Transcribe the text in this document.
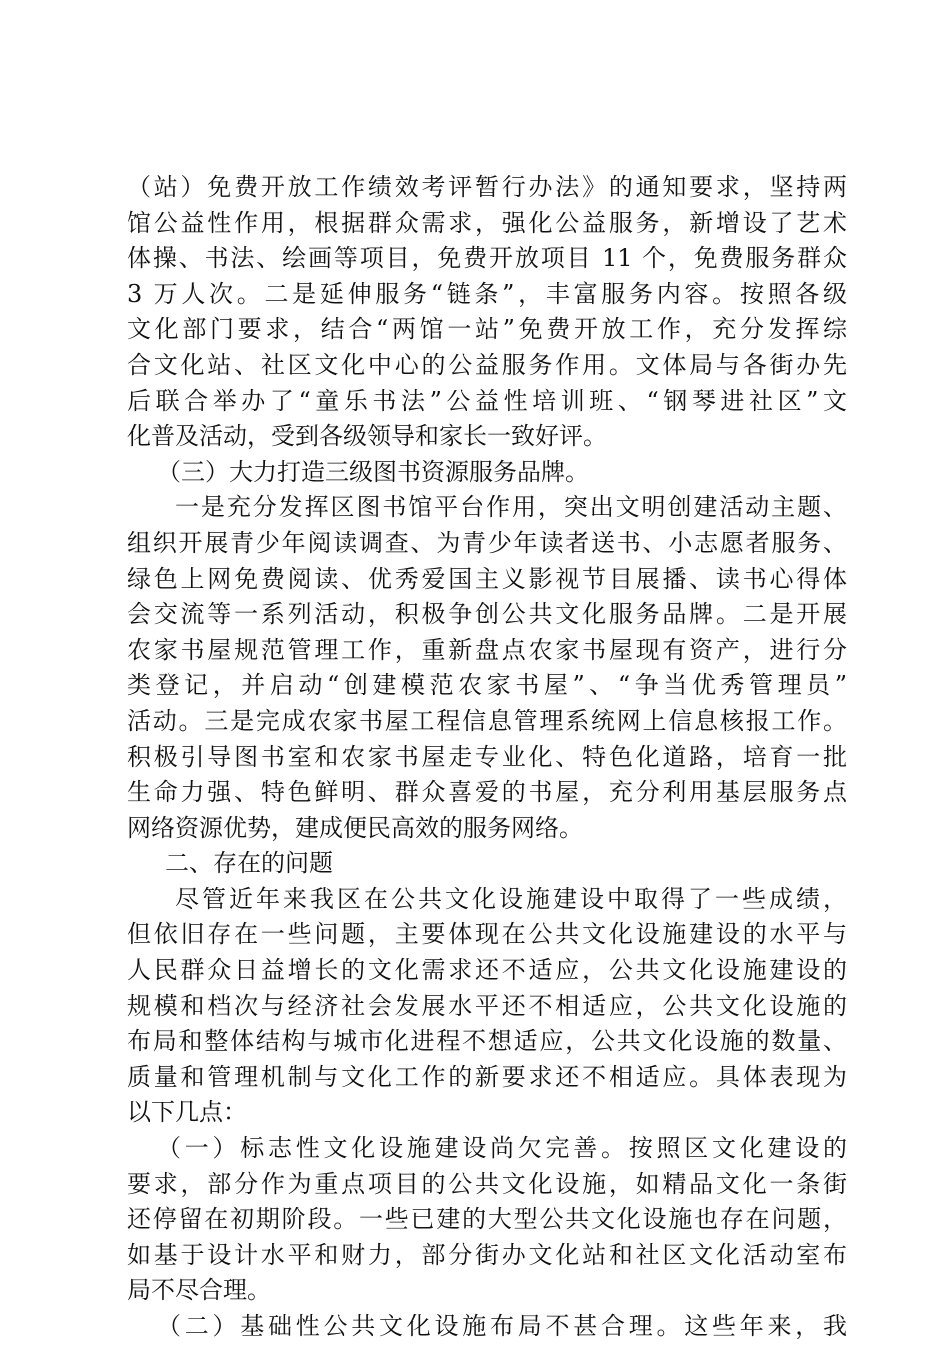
（站）免费开放工作绩效考评暂行办法》的通知要求，坚持两
馆公益性作用，根据群众需求，强化公益服务，新增设了艺术
体操、书法、绘画等项目，免费开放项目 11 个，免费服务群众
3 万人次。二是延伸服务“链条”，丰富服务内容。按照各级
文化部门要求，结合“两馆一站”免费开放工作，充分发挥综
合文化站、社区文化中心的公益服务作用。文体局与各街办先
后联合举办了“童乐书法”公益性培训班、“钢琴进社区”文
化普及活动，受到各级领导和家长一致好评。
（三）大力打造三级图书资源服务品牌。
一是充分发挥区图书馆平台作用，突出文明创建活动主题、
组织开展青少年阅读调查、为青少年读者送书、小志愿者服务、
绿色上网免费阅读、优秀爱国主义影视节目展播、读书心得体
会交流等一系列活动，积极争创公共文化服务品牌。二是开展
农家书屋规范管理工作，重新盘点农家书屋现有资产，进行分
类登记，并启动“创建模范农家书屋”、“争当优秀管理员”
活动。三是完成农家书屋工程信息管理系统网上信息核报工作。
积极引导图书室和农家书屋走专业化、特色化道路，培育一批
生命力强、特色鲜明、群众喜爱的书屋，充分利用基层服务点
网络资源优势，建成便民高效的服务网络。
二、存在的问题
尽管近年来我区在公共文化设施建设中取得了一些成绩，
但依旧存在一些问题，主要体现在公共文化设施建设的水平与
人民群众日益增长的文化需求还不适应，公共文化设施建设的
规模和档次与经济社会发展水平还不相适应，公共文化设施的
布局和整体结构与城市化进程不想适应，公共文化设施的数量、
质量和管理机制与文化工作的新要求还不相适应。具体表现为
以下几点：
（一）标志性文化设施建设尚欠完善。按照区文化建设的
要求，部分作为重点项目的公共文化设施，如精品文化一条街
还停留在初期阶段。一些已建的大型公共文化设施也存在问题，
如基于设计水平和财力，部分街办文化站和社区文化活动室布
局不尽合理。
（二）基础性公共文化设施布局不甚合理。这些年来，我
